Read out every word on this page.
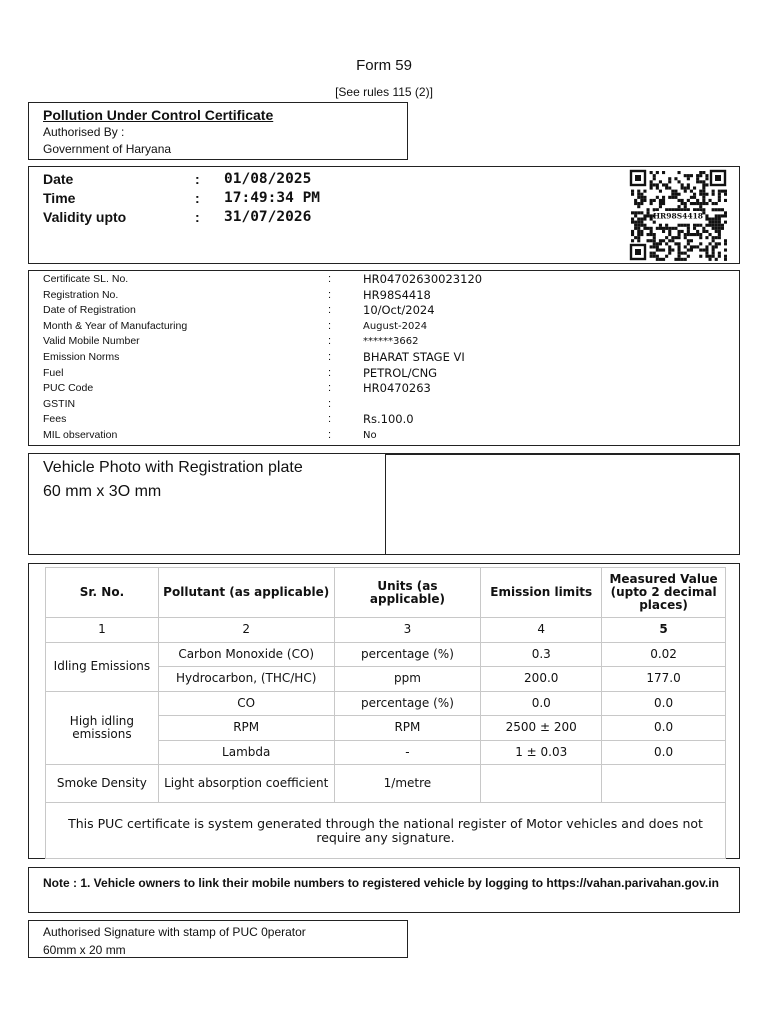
Form 59
[See rules 115 (2)]
Pollution Under Control Certificate
Authorised By :
Government of Haryana
Date	: 01/08/2025
Time	: 17:49:34 PM
Validity upto	: 31/07/2026	HR98S4418
Certificate SL. No.	:	HR04702630023120
Registration No.	:	HR98S4418
Date of Registration	:	10/Oct/2024
Month & Year of Manufacturing	:	August-2024
Valid Mobile Number	:	******3662
Emission Norms	:	BHARAT STAGE VI
Fuel	:	PETROL/CNG
PUC Code	:	HR0470263
GSTIN	:
Fees	:	Rs.100.0
MIL observation	:	No
Vehicle Photo with Registration plate
60 mm x 3O mm
Sr. No.	Pollutant (as applicable)	Units (as applicable)	Emission limits	Measured Value (upto 2 decimal places)
1	2	3	4	5
Idling Emissions	Carbon Monoxide (CO)	percentage (%)	0.3	0.02
	Hydrocarbon, (THC/HC)	ppm	200.0	177.0
High idling emissions	CO	percentage (%)	0.0	0.0
	RPM	RPM	2500 ± 200	0.0
	Lambda	-	1 ± 0.03	0.0
Smoke Density	Light absorption coefficient	1/metre		
This PUC certificate is system generated through the national register of Motor vehicles and does not require any signature.				
Note : 1. Vehicle owners to link their mobile numbers to registered vehicle by logging to https://vahan.parivahan.gov.in
Authorised Signature with stamp of PUC 0perator
60mm x 20 mm
